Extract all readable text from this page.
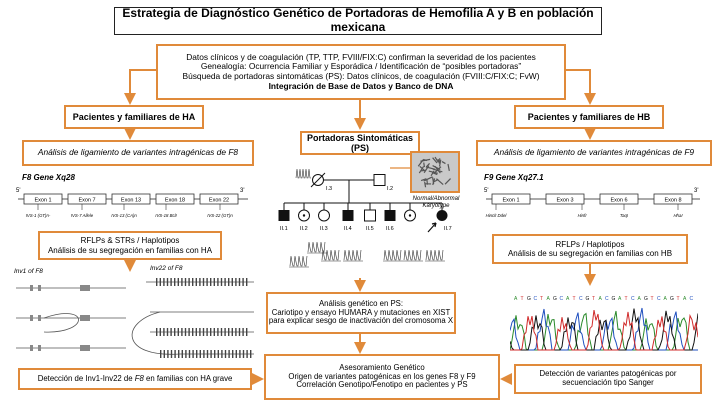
Estrategia de Diagnóstico Genético de Portadoras de Hemofilia A y B en población mexicana
Datos clínicos y de coagulación (TP, TTP, FVIII/FIX:C) confirman la severidad de los pacientes
Genealogía: Ocurrencia Familiar y Esporádica / Identificación de “posibles portadoras”
Búsqueda de portadoras sintomáticas (PS): Datos clínicos, de coagulación (FVIII:C/FIX:C; FvW)
Integración de Base de Datos y Banco de DNA
Pacientes y familiares de HA	Pacientes y familiares de HB
Portadoras Sintomáticas (PS)
Análisis de ligamiento de variantes intragénicas de F8	Análisis de ligamiento de variantes intragénicas de F9
F8 Gene Xq28
5'	3'
Exon 1	Exon 7	Exon 13	Exon 18	Exon 22
IVS-1 (GT)n-	IVS-7 Allele	IVS-13 (CA)n	IVS-18 BclI	IVS-22 (GT)n
F9 Gene Xq27.1
5'	3'
Exon 1	Exon 3	Exon 6	Exon 8
HinclI Ddel	HinfI	TaqI	HhaI
RFLPs & STRs / Haplotipos
Análisis de su segregación en familias con HA
RFLPs / Haplotipos
Análisis de su segregación en familias con HB
Inv1 of F8	Inv22 of F8
I.3	I.2
II.1 II.2 II.3	II.4	II.5 II.6	II.7
Normal/Abnormal
Karyotype
Análisis genético en PS:
Cariotipo y ensayo HUMARA y mutaciones en XIST
para explicar sesgo de inactivación del cromosoma X
Asesoramiento Genético
Origen de variantes patogénicas en los genes F8 y F9
Correlación Genotipo/Fenotipo en pacientes y PS
Detección de Inv1-Inv22 de F8 en familias con HA grave	Detección de variantes patogénicas por
secuenciación tipo Sanger
A T G C T A G C A T C G T A C G A T C A G T C A G T A C
